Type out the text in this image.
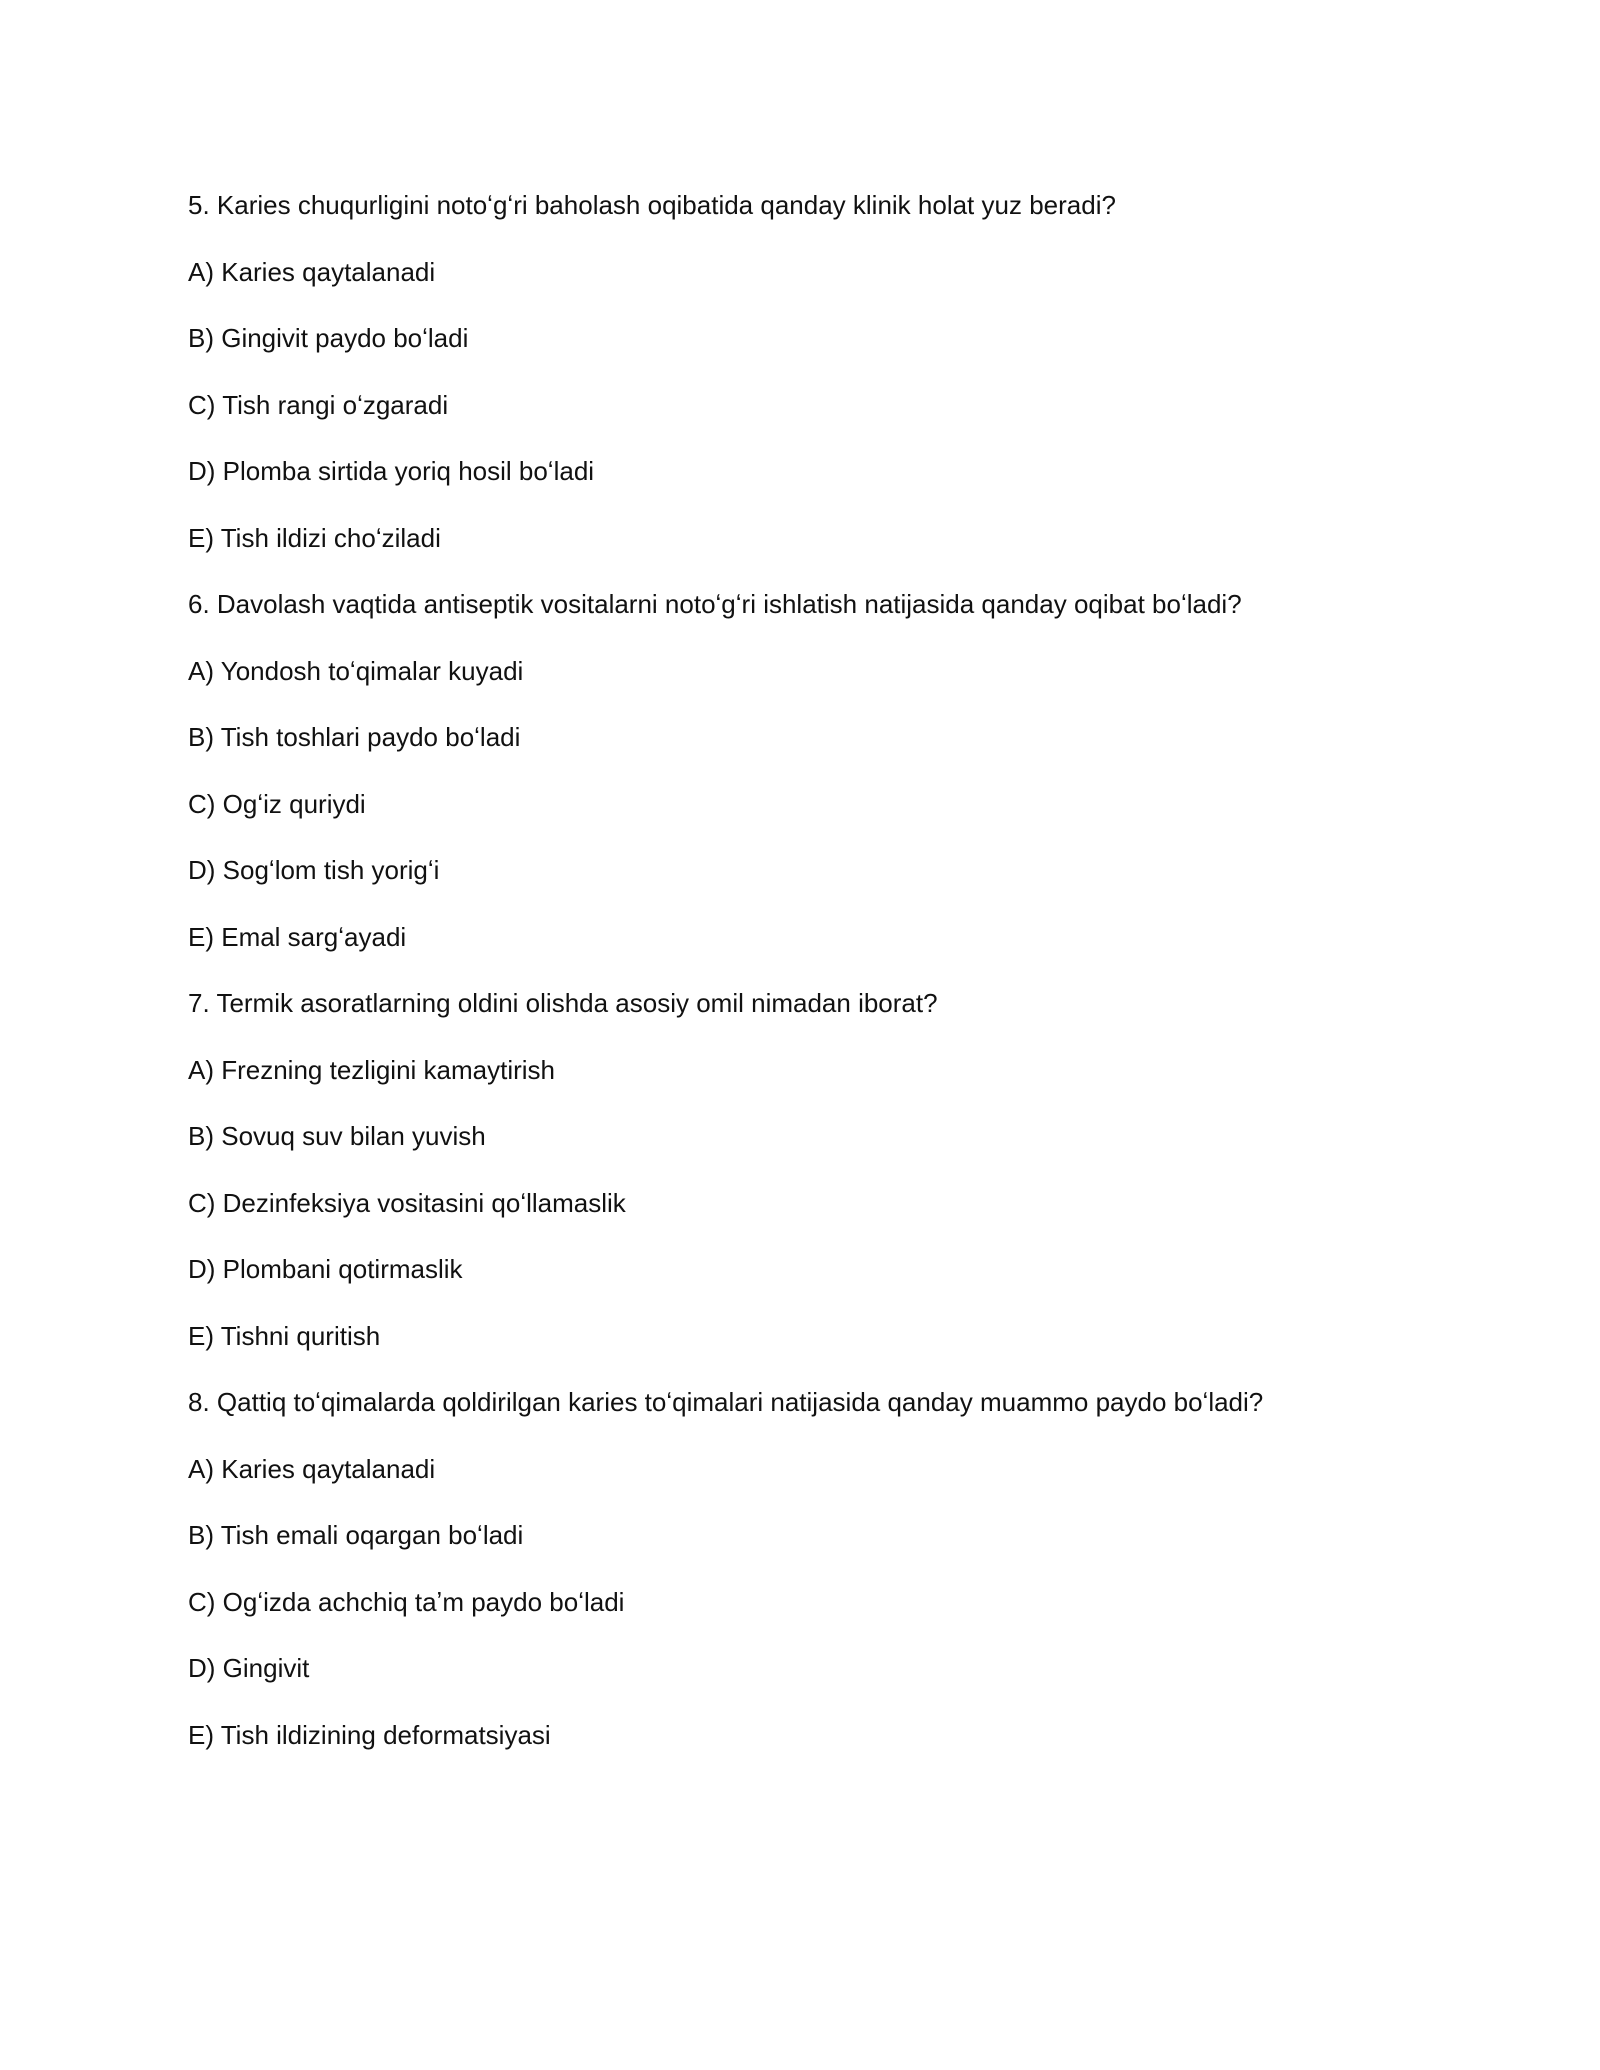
5. Karies chuqurligini notoʻgʻri baholash oqibatida qanday klinik holat yuz beradi?
A) Karies qaytalanadi
B) Gingivit paydo boʻladi
C) Tish rangi oʻzgaradi
D) Plomba sirtida yoriq hosil boʻladi
E) Tish ildizi choʻziladi
6. Davolash vaqtida antiseptik vositalarni notoʻgʻri ishlatish natijasida qanday oqibat boʻladi?
A) Yondosh toʻqimalar kuyadi
B) Tish toshlari paydo boʻladi
C) Ogʻiz quriydi
D) Sogʻlom tish yorigʻi
E) Emal sargʻayadi
7. Termik asoratlarning oldini olishda asosiy omil nimadan iborat?
A) Frezning tezligini kamaytirish
B) Sovuq suv bilan yuvish
C) Dezinfeksiya vositasini qoʻllamaslik
D) Plombani qotirmaslik
E) Tishni quritish
8. Qattiq toʻqimalarda qoldirilgan karies toʻqimalari natijasida qanday muammo paydo boʻladi?
A) Karies qaytalanadi
B) Tish emali oqargan boʻladi
C) Ogʻizda achchiq taʼm paydo boʻladi
D) Gingivit
E) Tish ildizining deformatsiyasi
